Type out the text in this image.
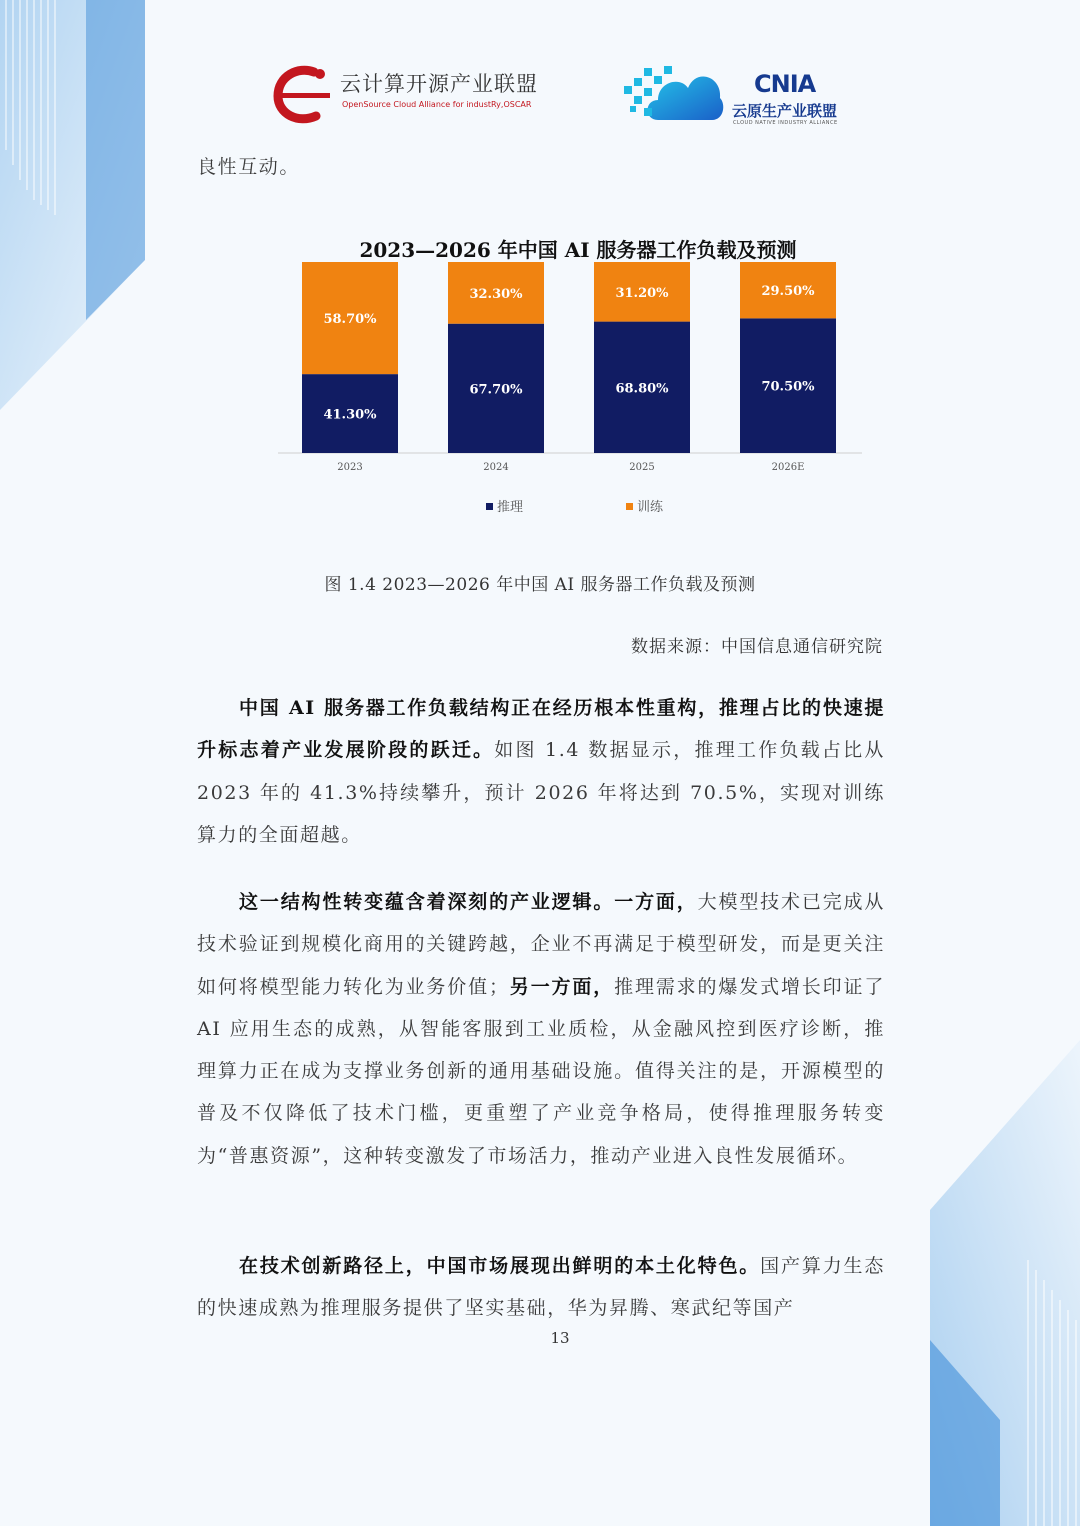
云计算开源产业联盟
OpenSource Cloud Alliance for industRy,OSCAR
CNIA
云原生产业联盟
CLOUD NATIVE INDUSTRY ALLIANCE

良性互动。

2023—2026 年中国 AI 服务器工作负载及预测
41.30%
58.70%
2023
67.70%
32.30%
2024
68.80%
31.20%
2025
70.50%
29.50%
2026E
推理	训练
图 1.4 2023—2026 年中国 AI 服务器工作负载及预测
数据来源：中国信息通信研究院

中国 AI 服务器工作负载结构正在经历根本性重构，推理占比的快速提升标志着产业发展阶段的跃迁。如图 1.4 数据显示，推理工作负载占比从 2023 年的 41.3%持续攀升，预计 2026 年将达到 70.5%，实现对训练算力的全面超越。

这一结构性转变蕴含着深刻的产业逻辑。一方面，大模型技术已完成从技术验证到规模化商用的关键跨越，企业不再满足于模型研发，而是更关注如何将模型能力转化为业务价值；另一方面，推理需求的爆发式增长印证了 AI 应用生态的成熟，从智能客服到工业质检，从金融风控到医疗诊断，推理算力正在成为支撑业务创新的通用基础设施。值得关注的是，开源模型的普及不仅降低了技术门槛，更重塑了产业竞争格局，使得推理服务转变为“普惠资源”，这种转变激发了市场活力，推动产业进入良性发展循环。

在技术创新路径上，中国市场展现出鲜明的本土化特色。国产算力生态的快速成熟为推理服务提供了坚实基础，华为昇腾、寒武纪等国产

13
